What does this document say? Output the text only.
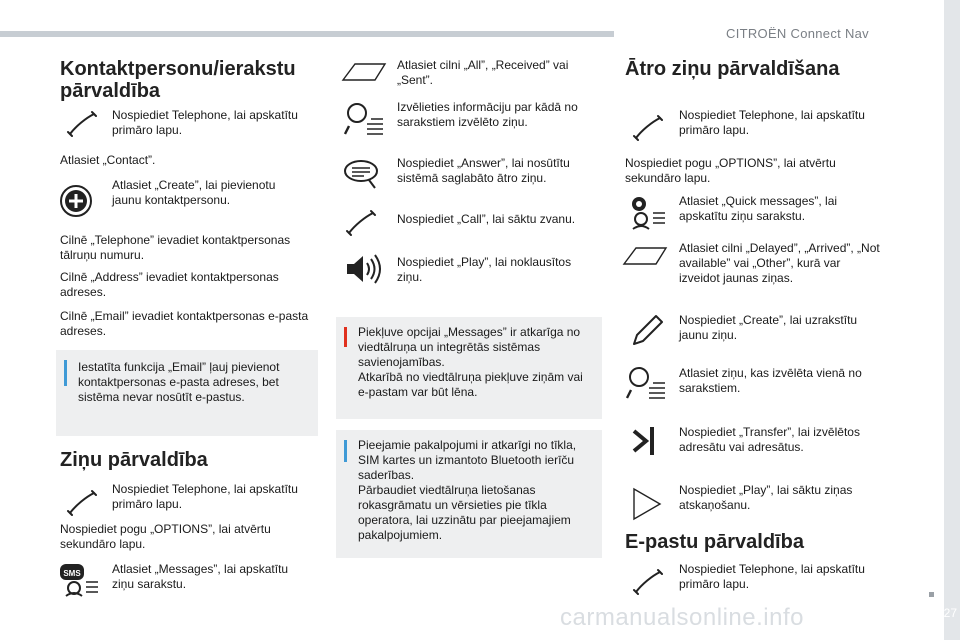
CITROËN Connect Nav
27
carmanualsonline.info
Kontaktpersonu/ierakstu pārvaldība
Nospiediet Telephone, lai apskatītu primāro lapu.
Atlasiet „Contact”.
Atlasiet „Create”, lai pievienotu jaunu kontaktpersonu.
Cilnē „Telephone” ievadiet kontaktpersonas tālruņu numuru.
Cilnē „Address” ievadiet kontaktpersonas adreses.
Cilnē „Email” ievadiet kontaktpersonas e-pasta adreses.
Iestatīta funkcija „Email” ļauj pievienot kontaktpersonas e-pasta adreses, bet sistēma nevar nosūtīt e-pastus.
Ziņu pārvaldība
Nospiediet Telephone, lai apskatītu primāro lapu.
Nospiediet pogu „OPTIONS”, lai atvērtu sekundāro lapu.
SMS	Atlasiet „Messages”, lai apskatītu ziņu sarakstu.
Atlasiet cilni „All”, „Received” vai „Sent”.
Izvēlieties informāciju par kādā no sarakstiem izvēlēto ziņu.
Nospiediet „Answer”, lai nosūtītu sistēmā saglabāto ātro ziņu.
Nospiediet „Call”, lai sāktu zvanu.
Nospiediet „Play”, lai noklausītos ziņu.
Piekļuve opcijai „Messages” ir atkarīga no viedtālruņa un integrētās sistēmas savienojamības.
Atkarībā no viedtālruņa piekļuve ziņām vai e-pastam var būt lēna.
Pieejamie pakalpojumi ir atkarīgi no tīkla, SIM kartes un izmantoto Bluetooth ierīču saderības.
Pārbaudiet viedtālruņa lietošanas rokasgrāmatu un vērsieties pie tīkla operatora, lai uzzinātu par pieejamajiem pakalpojumiem.
Ātro ziņu pārvaldīšana
Nospiediet Telephone, lai apskatītu primāro lapu.
Nospiediet pogu „OPTIONS”, lai atvērtu sekundāro lapu.
Atlasiet „Quick messages”, lai apskatītu ziņu sarakstu.
Atlasiet cilni „Delayed”, „Arrived”, „Not available” vai „Other”, kurā var izveidot jaunas ziņas.
Nospiediet „Create”, lai uzrakstītu jaunu ziņu.
Atlasiet ziņu, kas izvēlēta vienā no sarakstiem.
Nospiediet „Transfer”, lai izvēlētos adresātu vai adresātus.
Nospiediet „Play”, lai sāktu ziņas atskaņošanu.
E-pastu pārvaldība
Nospiediet Telephone, lai apskatītu primāro lapu.
